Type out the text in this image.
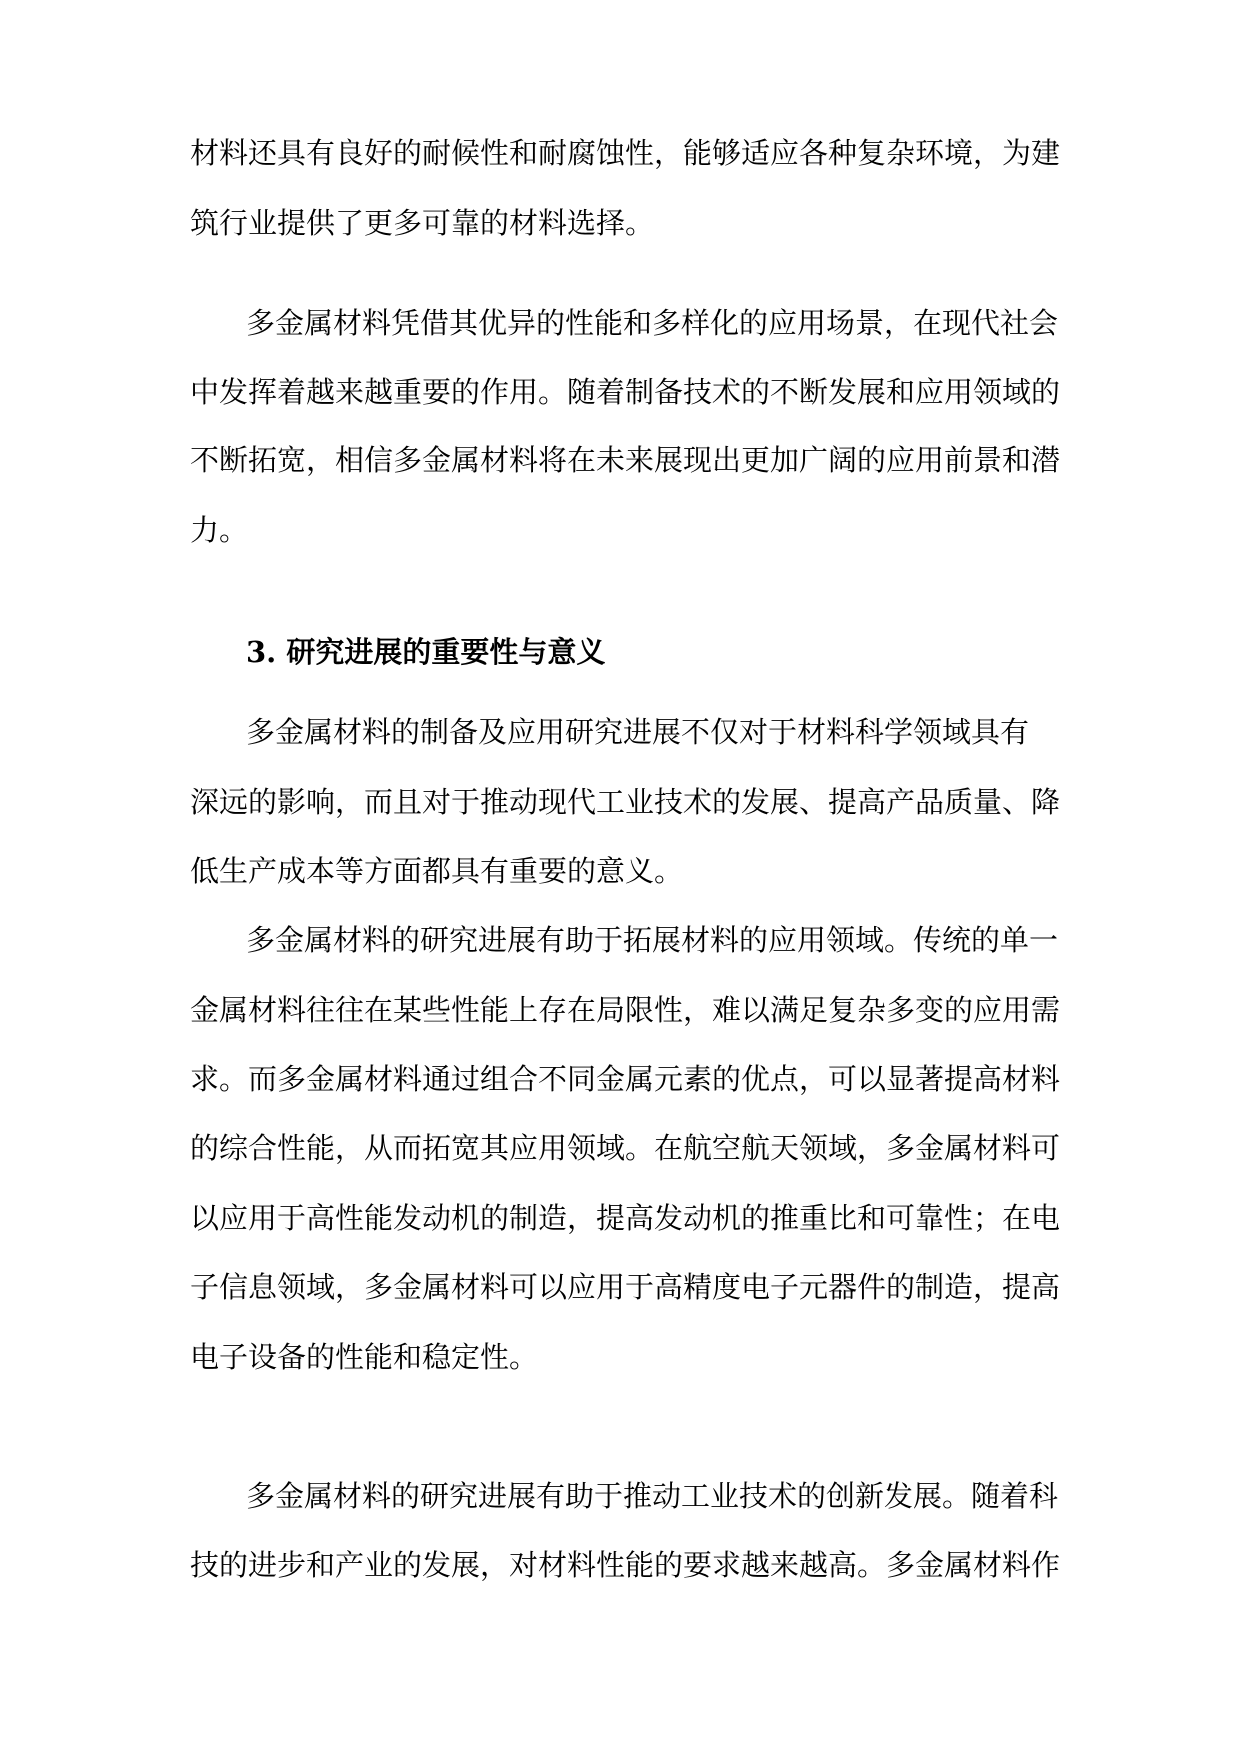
材料还具有良好的耐候性和耐腐蚀性，能够适应各种复杂环境，为建
筑行业提供了更多可靠的材料选择。
多金属材料凭借其优异的性能和多样化的应用场景，在现代社会
中发挥着越来越重要的作用。随着制备技术的不断发展和应用领域的
不断拓宽，相信多金属材料将在未来展现出更加广阔的应用前景和潜
力。
3. 研究进展的重要性与意义
多金属材料的制备及应用研究进展不仅对于材料科学领域具有
深远的影响，而且对于推动现代工业技术的发展、提高产品质量、降
低生产成本等方面都具有重要的意义。
多金属材料的研究进展有助于拓展材料的应用领域。传统的单一
金属材料往往在某些性能上存在局限性，难以满足复杂多变的应用需
求。而多金属材料通过组合不同金属元素的优点，可以显著提高材料
的综合性能，从而拓宽其应用领域。在航空航天领域，多金属材料可
以应用于高性能发动机的制造，提高发动机的推重比和可靠性；在电
子信息领域，多金属材料可以应用于高精度电子元器件的制造，提高
电子设备的性能和稳定性。
多金属材料的研究进展有助于推动工业技术的创新发展。随着科
技的进步和产业的发展，对材料性能的要求越来越高。多金属材料作
